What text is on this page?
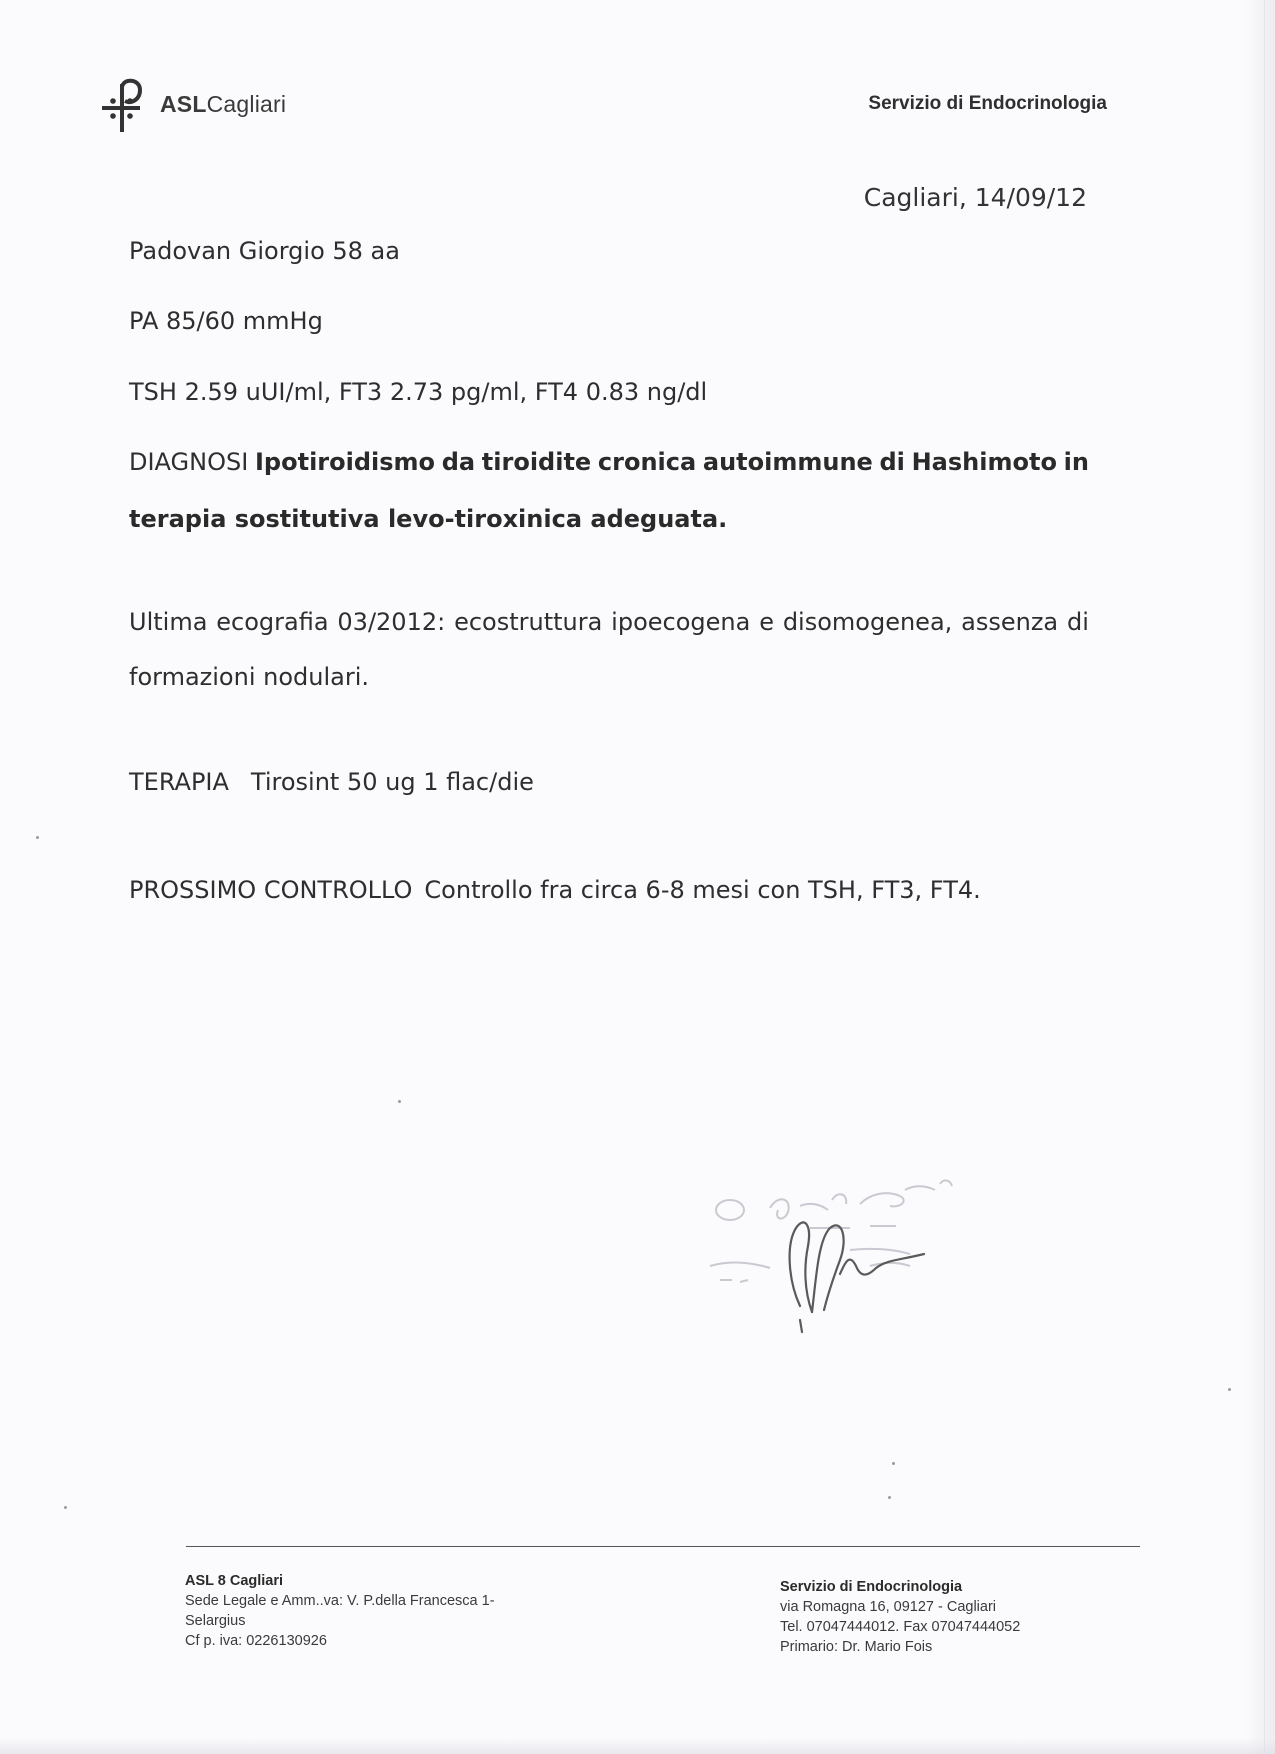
ASLCagliari	Servizio di Endocrinologia
Cagliari, 14/09/12
Padovan Giorgio 58 aa
PA 85/60 mmHg
TSH 2.59 uUI/ml, FT3 2.73 pg/ml, FT4 0.83 ng/dl
DIAGNOSI Ipotiroidismo da tiroidite cronica autoimmune di Hashimoto in
terapia sostitutiva levo-tiroxinica adeguata.
Ultima ecografia 03/2012: ecostruttura ipoecogena e disomogenea, assenza di
formazioni nodulari.
TERAPIA Tirosint 50 ug 1 flac/die
PROSSIMO CONTROLLO Controllo fra circa 6-8 mesi con TSH, FT3, FT4.
ASL 8 Cagliari
Sede Legale e Amm..va: V. P.della Francesca 1-
Selargius
Cf p. iva: 0226130926
Servizio di Endocrinologia
via Romagna 16, 09127 - Cagliari
Tel. 07047444012. Fax 07047444052
Primario: Dr. Mario Fois
